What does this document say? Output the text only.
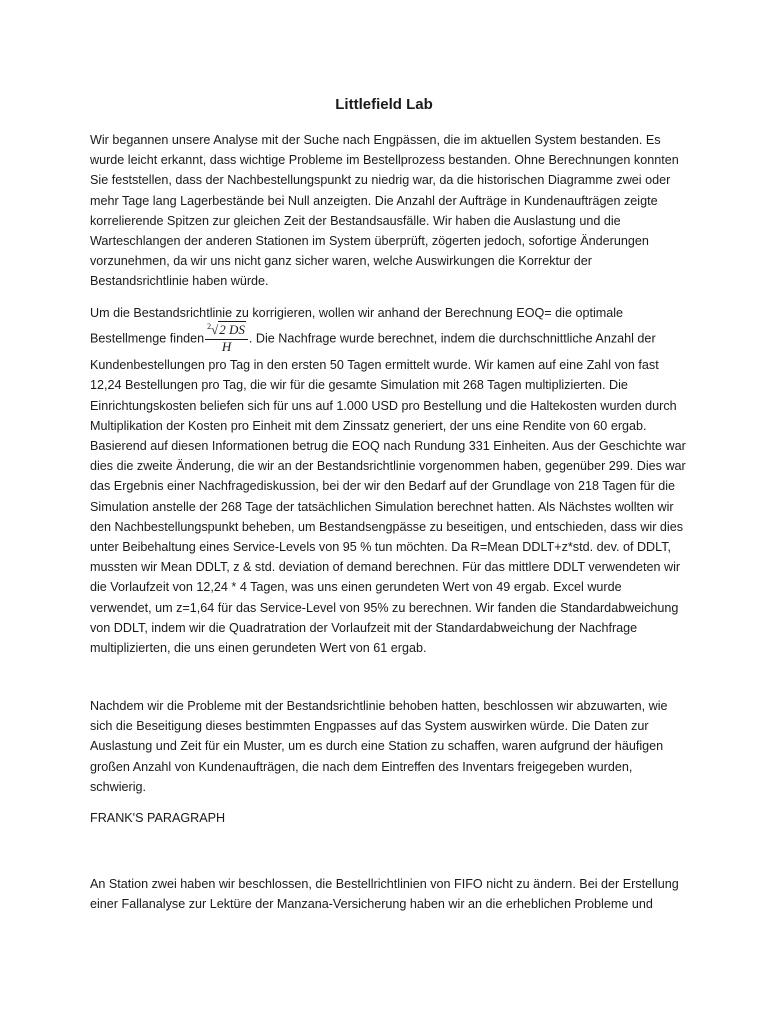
Littlefield Lab

Wir begannen unsere Analyse mit der Suche nach Engpässen, die im aktuellen System bestanden. Es wurde leicht erkannt, dass wichtige Probleme im Bestellprozess bestanden. Ohne Berechnungen konnten Sie feststellen, dass der Nachbestellungspunkt zu niedrig war, da die historischen Diagramme zwei oder mehr Tage lang Lagerbestände bei Null anzeigten. Die Anzahl der Aufträge in Kundenaufträgen zeigte korrelierende Spitzen zur gleichen Zeit der Bestandsausfälle. Wir haben die Auslastung und die Warteschlangen der anderen Stationen im System überprüft, zögerten jedoch, sofortige Änderungen vorzunehmen, da wir uns nicht ganz sicher waren, welche Auswirkungen die Korrektur der Bestandsrichtlinie haben würde.

Um die Bestandsrichtlinie zu korrigieren, wollen wir anhand der Berechnung EOQ= die optimale
Bestellmenge finden $\frac{^2√2 DS}{H}$ . Die Nachfrage wurde berechnet, indem die durchschnittliche Anzahl der
Kundenbestellungen pro Tag in den ersten 50 Tagen ermittelt wurde. Wir kamen auf eine Zahl von fast 12,24 Bestellungen pro Tag, die wir für die gesamte Simulation mit 268 Tagen multiplizierten. Die Einrichtungskosten beliefen sich für uns auf 1.000 USD pro Bestellung und die Haltekosten wurden durch Multiplikation der Kosten pro Einheit mit dem Zinssatz generiert, der uns eine Rendite von 60 ergab. Basierend auf diesen Informationen betrug die EOQ nach Rundung 331 Einheiten. Aus der Geschichte war dies die zweite Änderung, die wir an der Bestandsrichtlinie vorgenommen haben, gegenüber 299. Dies war das Ergebnis einer Nachfragediskussion, bei der wir den Bedarf auf der Grundlage von 218 Tagen für die Simulation anstelle der 268 Tage der tatsächlichen Simulation berechnet hatten. Als Nächstes wollten wir den Nachbestellungspunkt beheben, um Bestandsengpässe zu beseitigen, und entschieden, dass wir dies unter Beibehaltung eines Service-Levels von 95 % tun möchten. Da R=Mean DDLT+z*std. dev. of DDLT, mussten wir Mean DDLT, z & std. deviation of demand berechnen. Für das mittlere DDLT verwendeten wir die Vorlaufzeit von 12,24 * 4 Tagen, was uns einen gerundeten Wert von 49 ergab. Excel wurde verwendet, um z=1,64 für das Service-Level von 95% zu berechnen. Wir fanden die Standardabweichung von DDLT, indem wir die Quadratration der Vorlaufzeit mit der Standardabweichung der Nachfrage multiplizierten, die uns einen gerundeten Wert von 61 ergab.

Nachdem wir die Probleme mit der Bestandsrichtlinie behoben hatten, beschlossen wir abzuwarten, wie sich die Beseitigung dieses bestimmten Engpasses auf das System auswirken würde. Die Daten zur Auslastung und Zeit für ein Muster, um es durch eine Station zu schaffen, waren aufgrund der häufigen großen Anzahl von Kundenaufträgen, die nach dem Eintreffen des Inventars freigegeben wurden, schwierig.

FRANK'S PARAGRAPH

An Station zwei haben wir beschlossen, die Bestellrichtlinien von FIFO nicht zu ändern. Bei der Erstellung einer Fallanalyse zur Lektüre der Manzana-Versicherung haben wir an die erheblichen Probleme und
